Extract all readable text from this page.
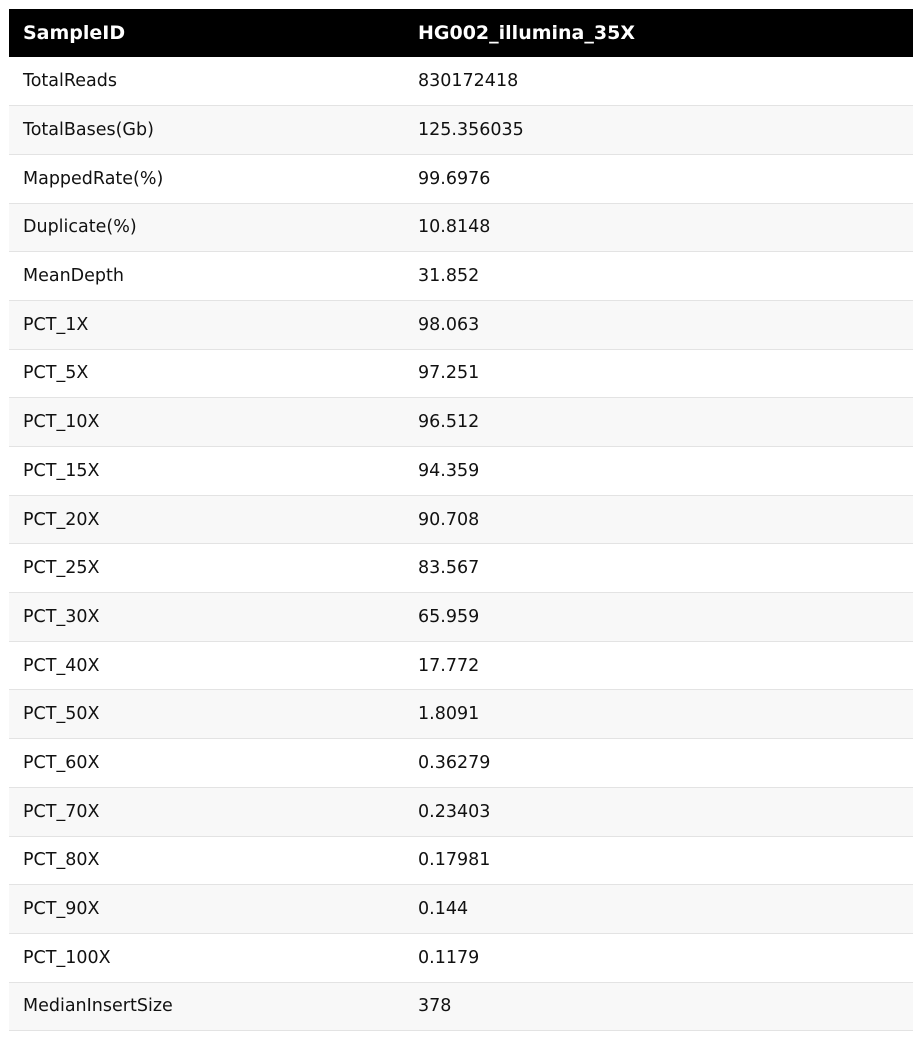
SampleID	HG002_illumina_35X
TotalReads	830172418
TotalBases(Gb)	125.356035
MappedRate(%)	99.6976
Duplicate(%)	10.8148
MeanDepth	31.852
PCT_1X	98.063
PCT_5X	97.251
PCT_10X	96.512
PCT_15X	94.359
PCT_20X	90.708
PCT_25X	83.567
PCT_30X	65.959
PCT_40X	17.772
PCT_50X	1.8091
PCT_60X	0.36279
PCT_70X	0.23403
PCT_80X	0.17981
PCT_90X	0.144
PCT_100X	0.1179
MedianInsertSize	378
